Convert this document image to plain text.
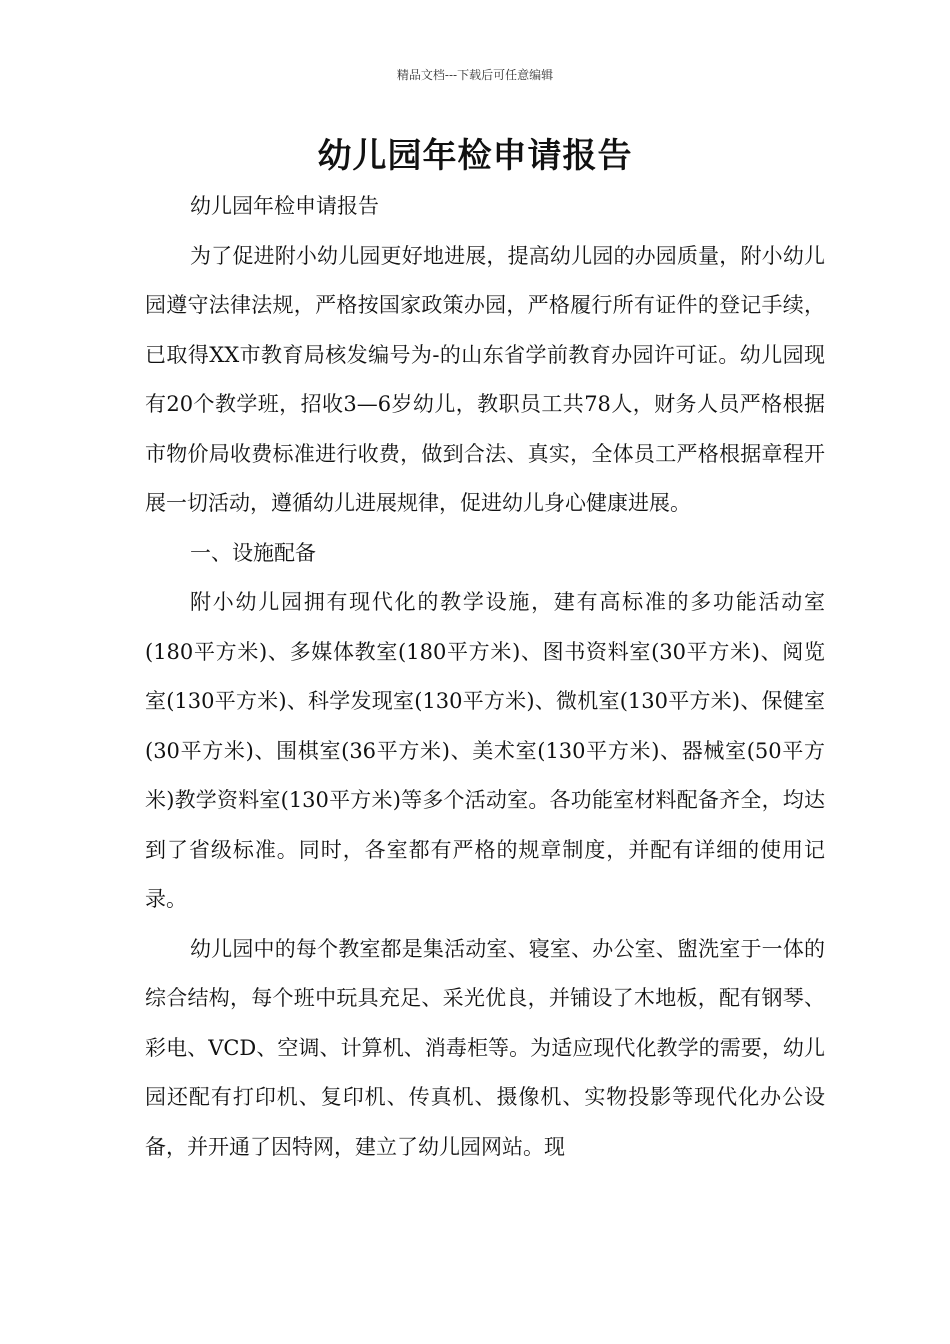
精品文档---下载后可任意编辑
幼儿园年检申请报告

幼儿园年检申请报告

为了促进附小幼儿园更好地进展，提高幼儿园的办园质量，附小幼儿园遵守法律法规，严格按国家政策办园，严格履行所有证件的登记手续，已取得XX市教育局核发编号为-的山东省学前教育办园许可证。幼儿园现有20个教学班，招收3—6岁幼儿，教职员工共78人，财务人员严格根据市物价局收费标准进行收费，做到合法、真实，全体员工严格根据章程开展一切活动，遵循幼儿进展规律，促进幼儿身心健康进展。

一、设施配备

附小幼儿园拥有现代化的教学设施，建有高标准的多功能活动室(180平方米)、多媒体教室(180平方米)、图书资料室(30平方米)、阅览室(130平方米)、科学发现室(130平方米)、微机室(130平方米)、保健室(30平方米)、围棋室(36平方米)、美术室(130平方米)、器械室(50平方米)教学资料室(130平方米)等多个活动室。各功能室材料配备齐全，均达到了省级标准。同时，各室都有严格的规章制度，并配有详细的使用记录。

幼儿园中的每个教室都是集活动室、寝室、办公室、盥洗室于一体的综合结构，每个班中玩具充足、采光优良，并铺设了木地板，配有钢琴、彩电、VCD、空调、计算机、消毒柜等。为适应现代化教学的需要，幼儿园还配有打印机、复印机、传真机、摄像机、实物投影等现代化办公设备，并开通了因特网，建立了幼儿园网站。现
